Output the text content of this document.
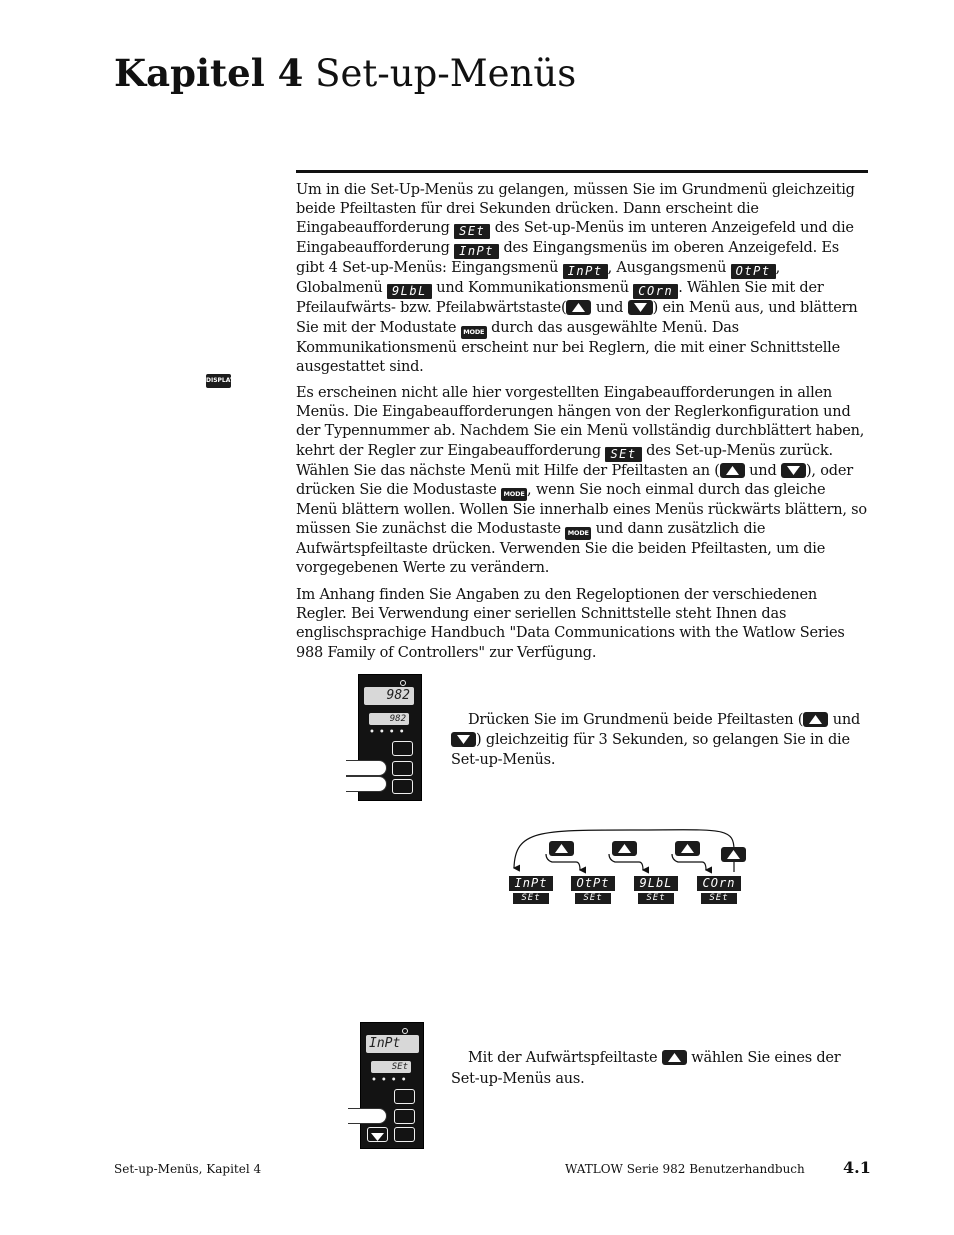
Kapitel 4 Set-up-Menüs
DISPLAY

Um in die Set-Up-Menüs zu gelangen, müssen Sie im Grundmenü gleichzeitig beide Pfeiltasten für drei Sekunden drücken. Dann erscheint die Eingabeaufforderung SEt des Set-up-Menüs im unteren Anzeigefeld und die Eingabeaufforderung InPt des Eingangsmenüs im oberen Anzeigefeld. Es gibt 4 Set-up-Menüs: Eingangsmenü InPt , Ausgangsmenü OtPt , Globalmenü 9LbL und Kommunikationsmenü COrn . Wählen Sie mit der Pfeilaufwärts- bzw. Pfeilabwärtstaste( und ) ein Menü aus, und blättern Sie mit der Modustate MODE durch das ausgewählte Menü. Das Kommunikationsmenü erscheint nur bei Reglern, die mit einer Schnittstelle ausgestattet sind.

Es erscheinen nicht alle hier vorgestellten Eingabeaufforderungen in allen Menüs. Die Eingabeaufforderungen hängen von der Reglerkonfiguration und der Typennummer ab. Nachdem Sie ein Menü vollständig durchblättert haben, kehrt der Regler zur Eingabeaufforderung SEt des Set-up-Menüs zurück. Wählen Sie das nächste Menü mit Hilfe der Pfeiltasten an ( und ), oder drücken Sie die Modustaste MODE , wenn Sie noch einmal durch das gleiche Menü blättern wollen. Wollen Sie innerhalb eines Menüs rückwärts blättern, so müssen Sie zunächst die Modustaste MODE und dann zusätzlich die Aufwärtspfeiltaste drücken. Verwenden Sie die beiden Pfeiltasten, um die vorgegebenen Werte zu verändern.

Im Anhang finden Sie Angaben zu den Regeloptionen der verschiedenen Regler. Bei Verwendung einer seriellen Schnittstelle steht Ihnen das englischsprachige Handbuch "Data Communications with the Watlow Series 988 Family of Controllers" zur Verfügung.

982
982
••••

Drücken Sie im Grundmenü beide Pfeiltasten ( und
) gleichzeitig für 3 Sekunden, so gelangen Sie in die Set-up-Menüs.

InPt
SEt
OtPt
SEt
9LbL
SEt
COrn
SEt
InPt
SEt
••••

Mit der Aufwärtspfeiltaste wählen Sie eines der Set-up-Menüs aus.

Set-up-Menüs, Kapitel 4	WATLOW Serie 982 Benutzerhandbuch 4.1
